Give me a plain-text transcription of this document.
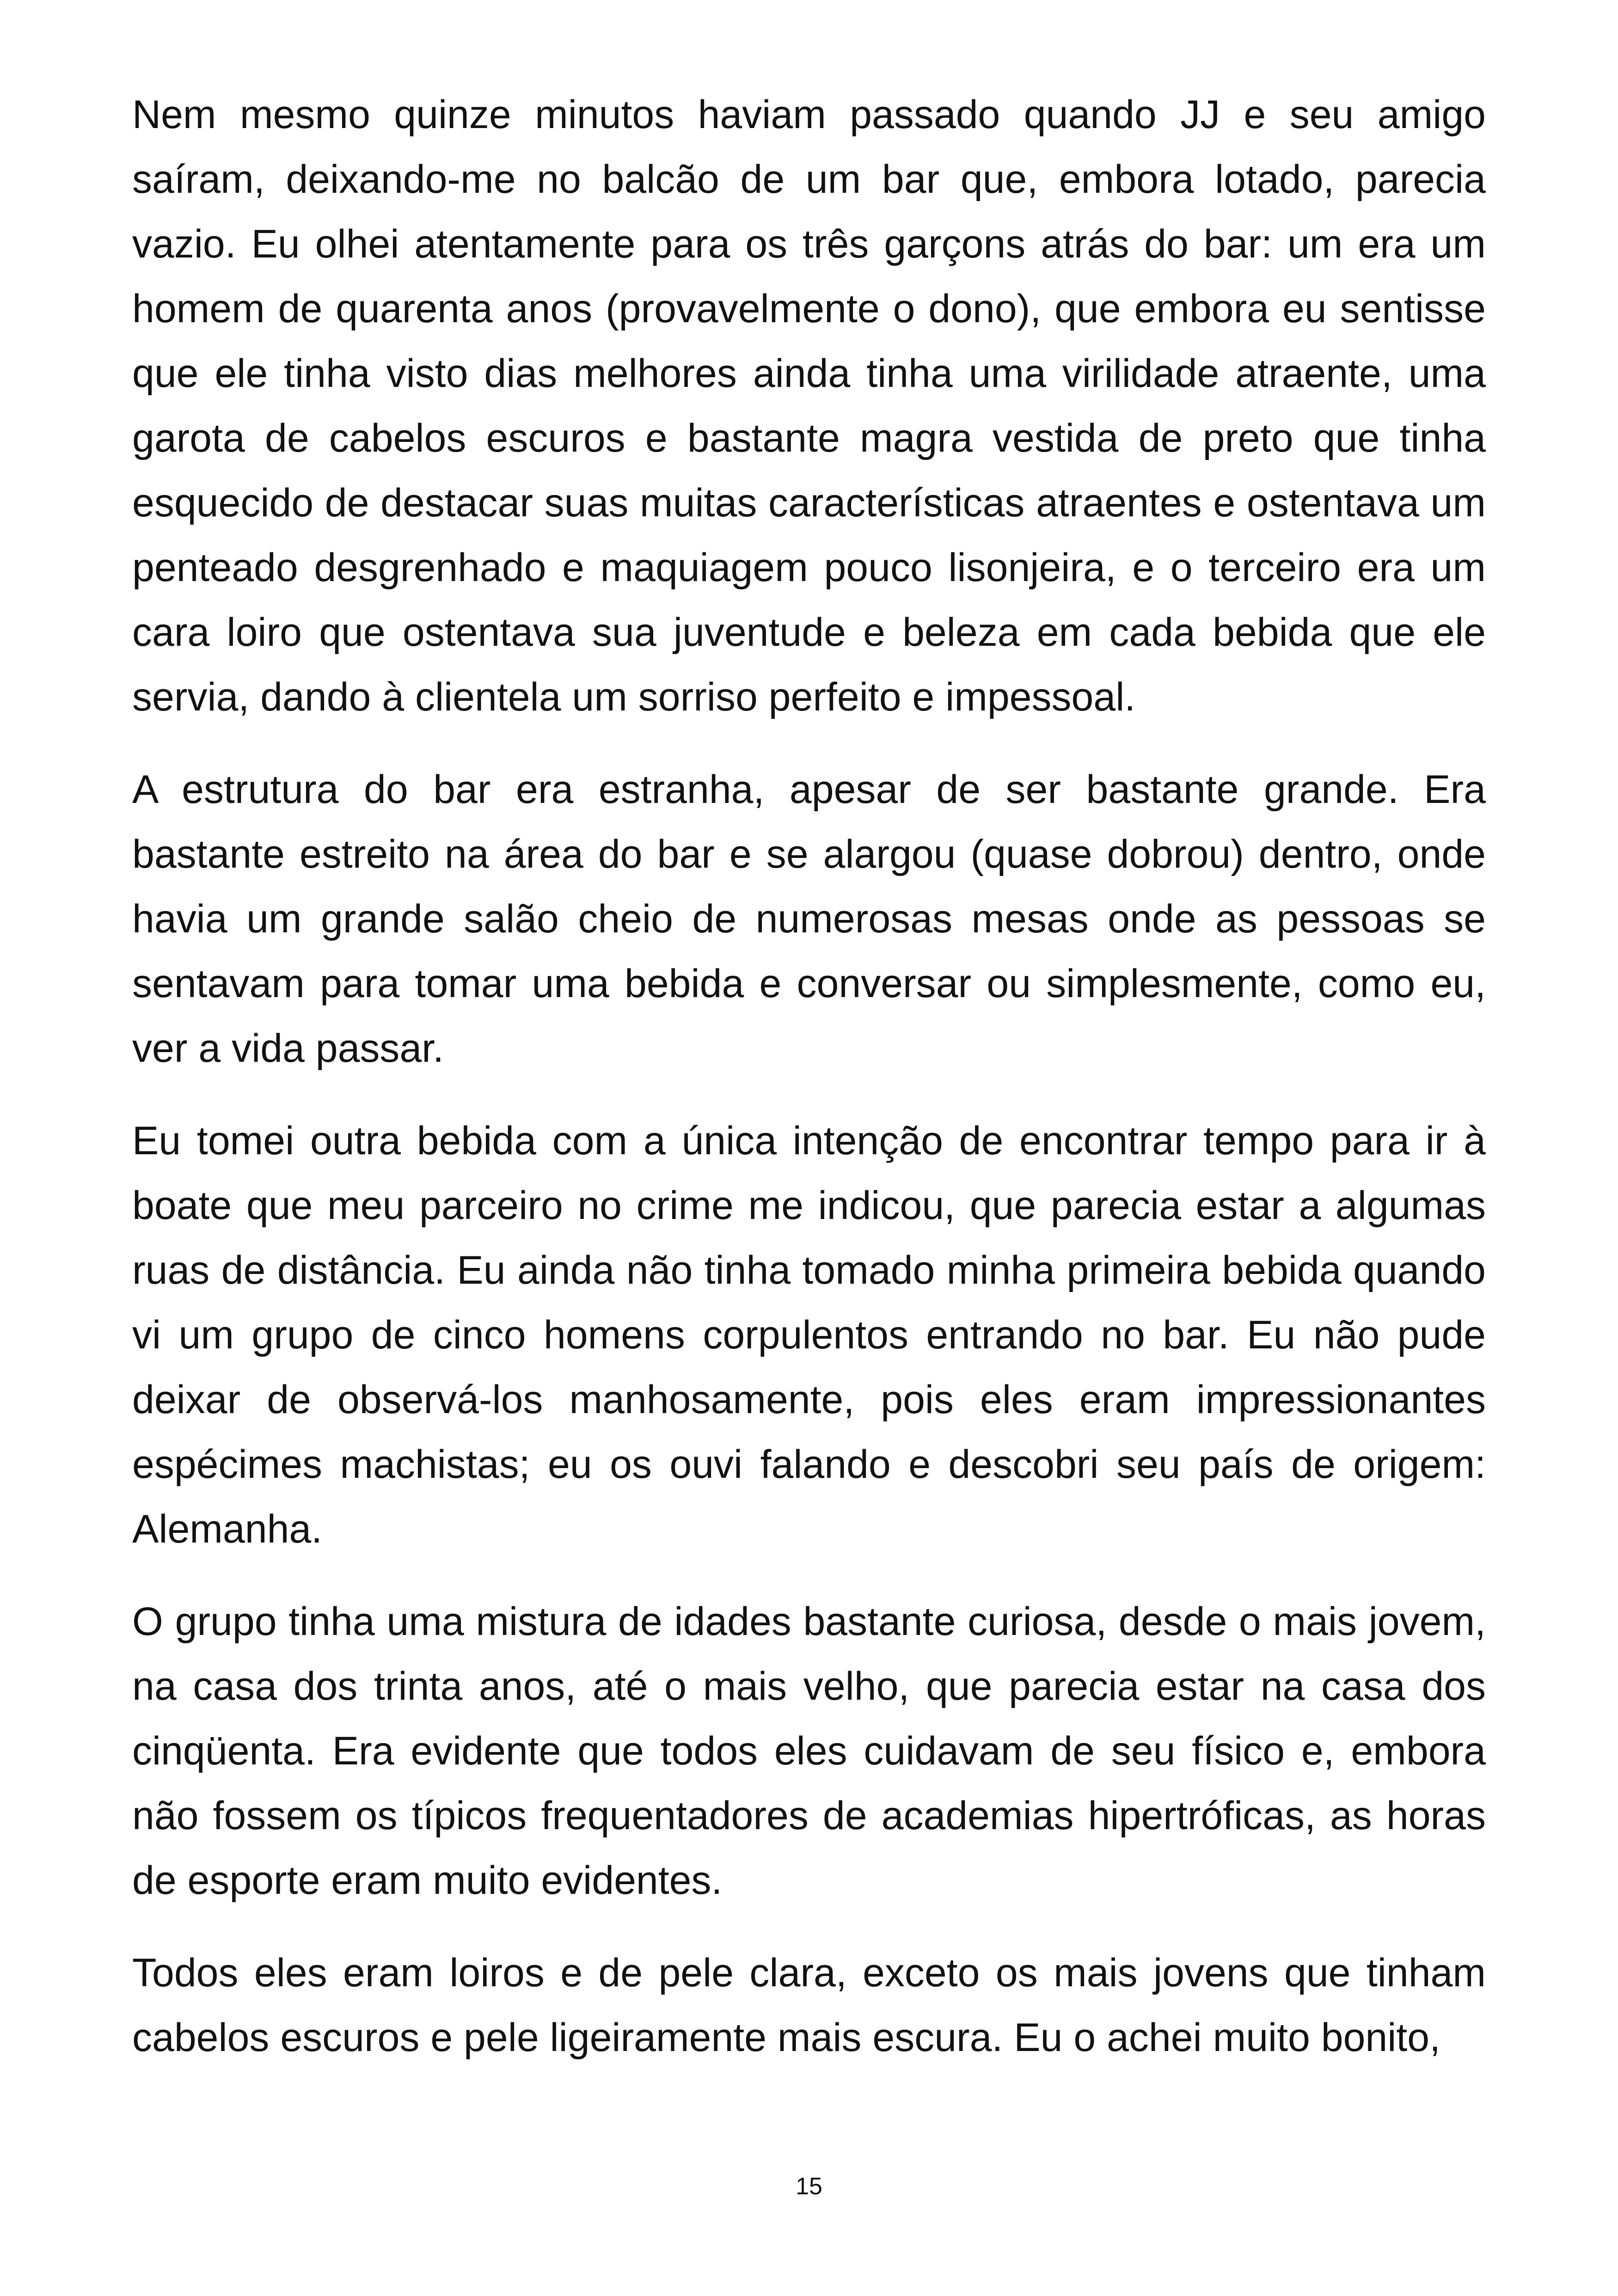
Nem mesmo quinze minutos haviam passado quando JJ e seu amigo saíram, deixando-me no balcão de um bar que, embora lotado, parecia vazio. Eu olhei atentamente para os três garçons atrás do bar: um era um homem de quarenta anos (provavelmente o dono), que embora eu sentisse que ele tinha visto dias melhores ainda tinha uma virilidade atraente, uma garota de cabelos escuros e bastante magra vestida de preto que tinha esquecido de destacar suas muitas características atraentes e ostentava um penteado desgrenhado e maquiagem pouco lisonjeira, e o terceiro era um cara loiro que ostentava sua juventude e beleza em cada bebida que ele servia, dando à clientela um sorriso perfeito e impessoal.

A estrutura do bar era estranha, apesar de ser bastante grande. Era bastante estreito na área do bar e se alargou (quase dobrou) dentro, onde havia um grande salão cheio de numerosas mesas onde as pessoas se sentavam para tomar uma bebida e conversar ou simplesmente, como eu, ver a vida passar.

Eu tomei outra bebida com a única intenção de encontrar tempo para ir à boate que meu parceiro no crime me indicou, que parecia estar a algumas ruas de distância. Eu ainda não tinha tomado minha primeira bebida quando vi um grupo de cinco homens corpulentos entrando no bar. Eu não pude deixar de observá-los manhosamente, pois eles eram impressionantes espécimes machistas; eu os ouvi falando e descobri seu país de origem: Alemanha.

O grupo tinha uma mistura de idades bastante curiosa, desde o mais jovem, na casa dos trinta anos, até o mais velho, que parecia estar na casa dos cinqüenta. Era evidente que todos eles cuidavam de seu físico e, embora não fossem os típicos frequentadores de academias hipertróficas, as horas de esporte eram muito evidentes.

Todos eles eram loiros e de pele clara, exceto os mais jovens que tinham cabelos escuros e pele ligeiramente mais escura. Eu o achei muito bonito,

15
